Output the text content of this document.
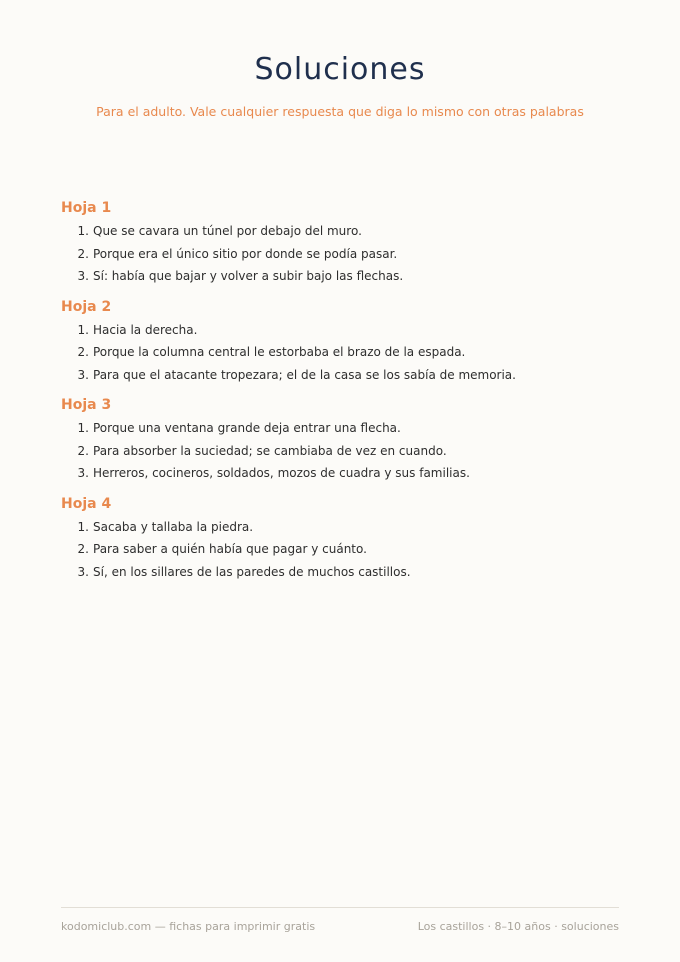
Soluciones
Para el adulto. Vale cualquier respuesta que diga lo mismo con otras palabras
Hoja 1
1. Que se cavara un túnel por debajo del muro.
2. Porque era el único sitio por donde se podía pasar.
3. Sí: había que bajar y volver a subir bajo las flechas.
Hoja 2
1. Hacia la derecha.
2. Porque la columna central le estorbaba el brazo de la espada.
3. Para que el atacante tropezara; el de la casa se los sabía de memoria.
Hoja 3
1. Porque una ventana grande deja entrar una flecha.
2. Para absorber la suciedad; se cambiaba de vez en cuando.
3. Herreros, cocineros, soldados, mozos de cuadra y sus familias.
Hoja 4
1. Sacaba y tallaba la piedra.
2. Para saber a quién había que pagar y cuánto.
3. Sí, en los sillares de las paredes de muchos castillos.
kodomiclub.com — fichas para imprimir gratis	Los castillos · 8–10 años · soluciones
